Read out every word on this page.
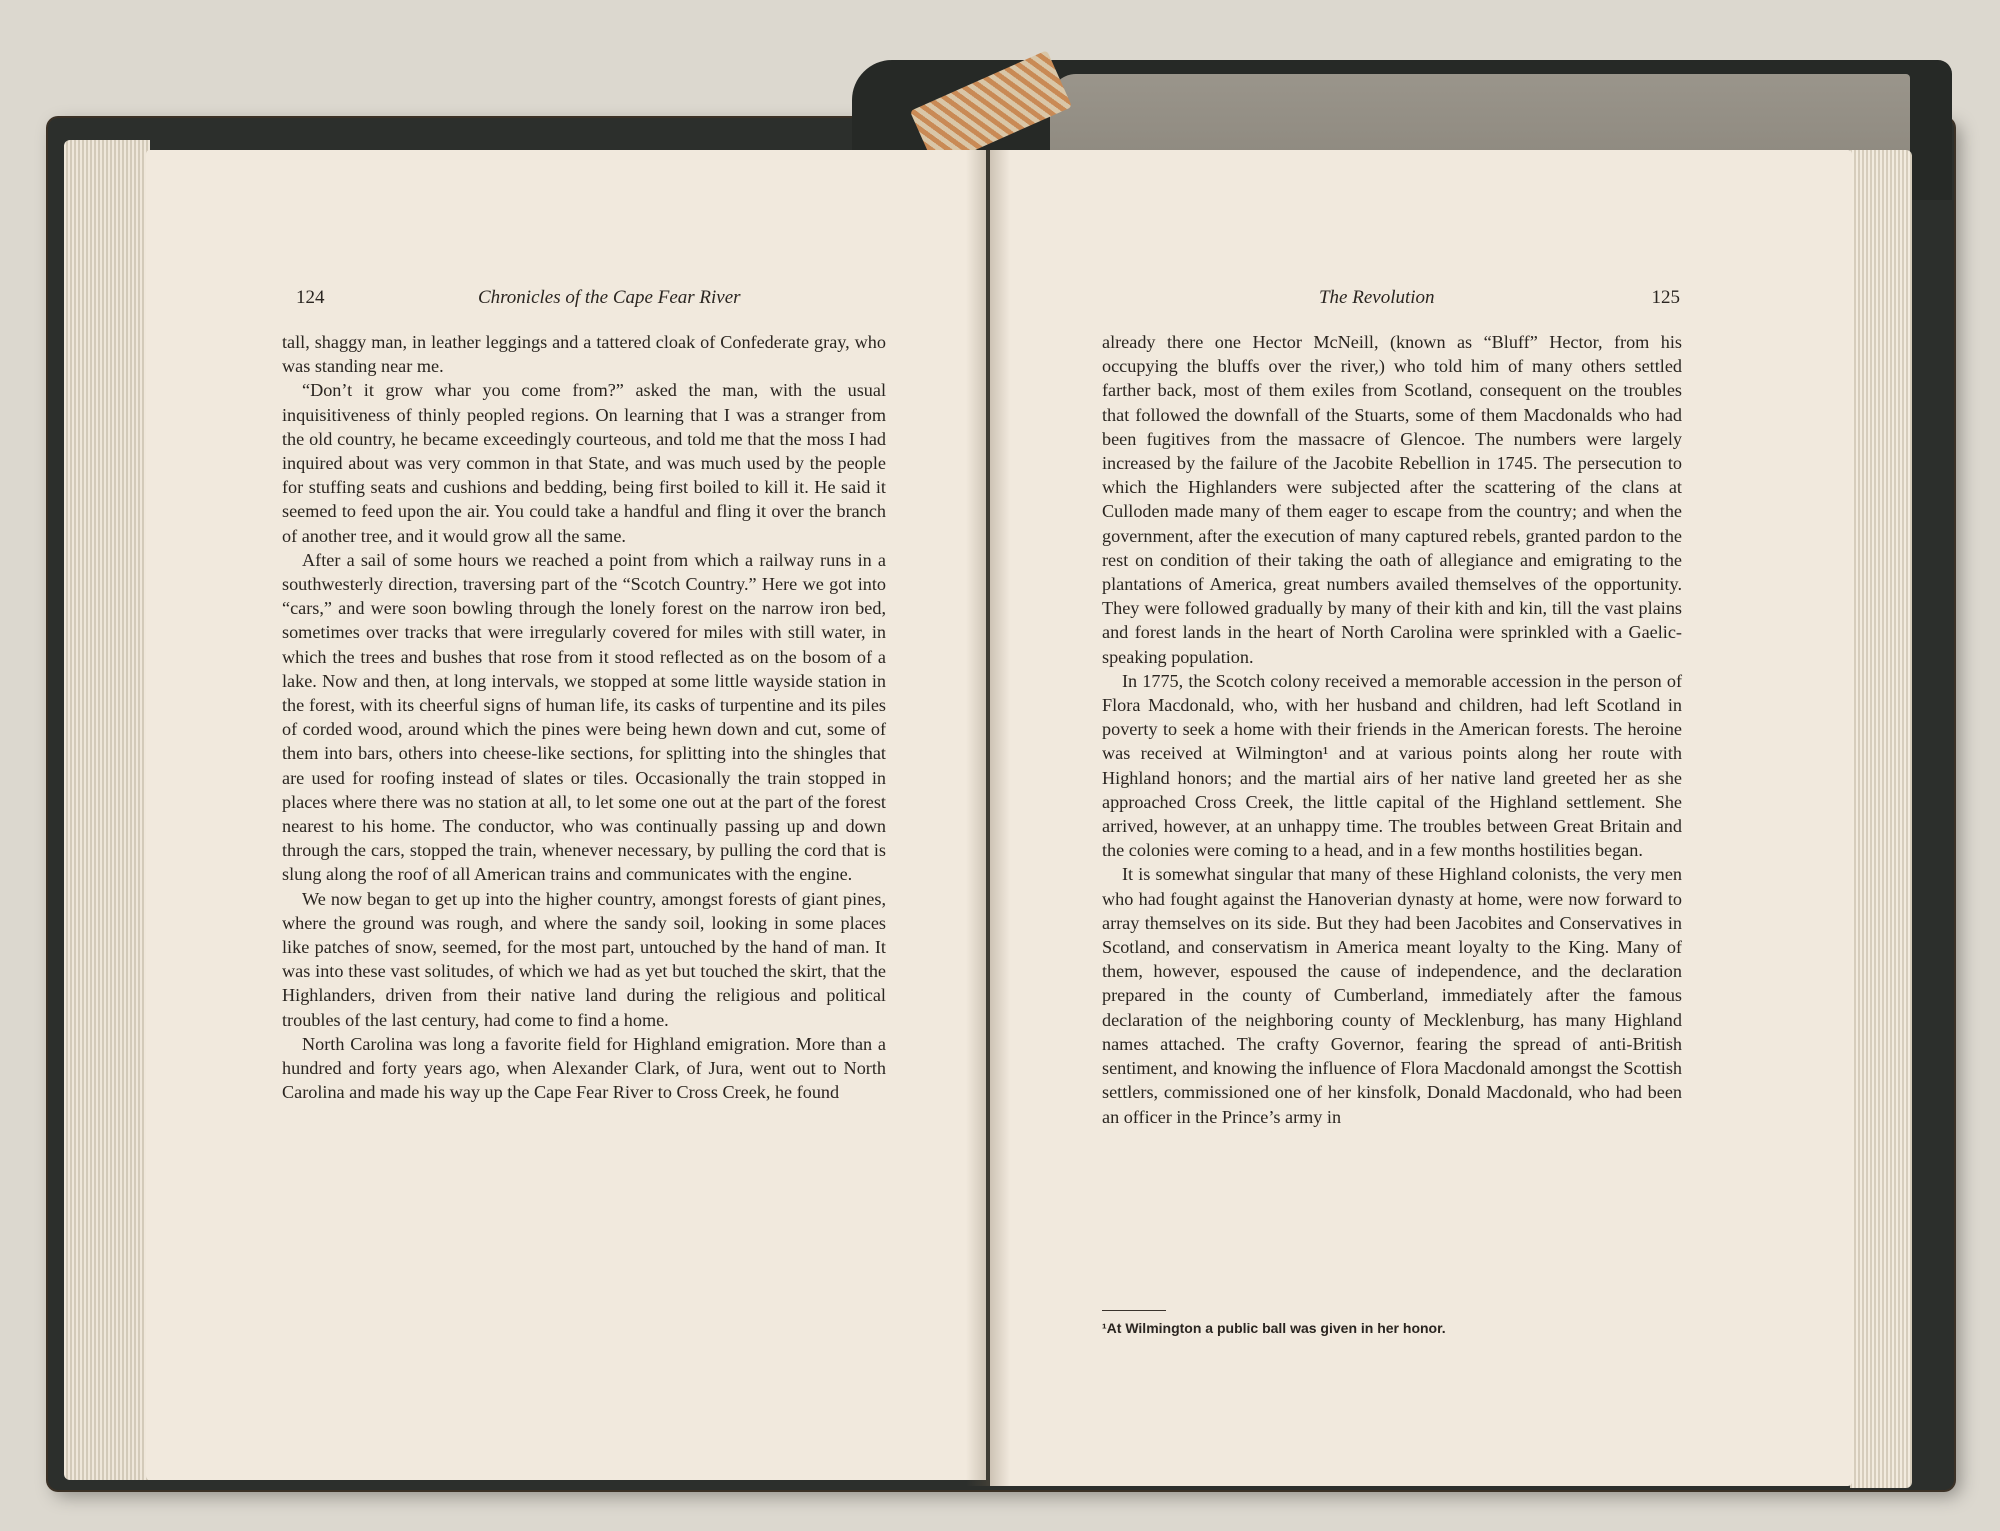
124	Chronicles of the Cape Fear River

tall, shaggy man, in leather leggings and a tattered cloak of Confederate gray, who was standing near me.

“Don’t it grow whar you come from?” asked the man, with the usual inquisitiveness of thinly peopled regions. On learning that I was a stranger from the old country, he became exceedingly courteous, and told me that the moss I had inquired about was very common in that State, and was much used by the people for stuffing seats and cushions and bedding, being first boiled to kill it. He said it seemed to feed upon the air. You could take a handful and fling it over the branch of another tree, and it would grow all the same.

After a sail of some hours we reached a point from which a railway runs in a southwesterly direction, traversing part of the “Scotch Country.” Here we got into “cars,” and were soon bowling through the lonely forest on the narrow iron bed, sometimes over tracks that were irregularly covered for miles with still water, in which the trees and bushes that rose from it stood reflected as on the bosom of a lake. Now and then, at long intervals, we stopped at some little wayside station in the forest, with its cheerful signs of human life, its casks of turpentine and its piles of corded wood, around which the pines were being hewn down and cut, some of them into bars, others into cheese-like sections, for splitting into the shingles that are used for roofing instead of slates or tiles. Occasionally the train stopped in places where there was no station at all, to let some one out at the part of the forest nearest to his home. The conductor, who was continually passing up and down through the cars, stopped the train, whenever necessary, by pulling the cord that is slung along the roof of all American trains and communicates with the engine.

We now began to get up into the higher country, amongst forests of giant pines, where the ground was rough, and where the sandy soil, looking in some places like patches of snow, seemed, for the most part, untouched by the hand of man. It was into these vast solitudes, of which we had as yet but touched the skirt, that the Highlanders, driven from their native land during the religious and political troubles of the last century, had come to find a home.

North Carolina was long a favorite field for Highland emigration. More than a hundred and forty years ago, when Alexander Clark, of Jura, went out to North Carolina and made his way up the Cape Fear River to Cross Creek, he found

The Revolution	125

already there one Hector McNeill, (known as “Bluff” Hector, from his occupying the bluffs over the river,) who told him of many others settled farther back, most of them exiles from Scotland, consequent on the troubles that followed the downfall of the Stuarts, some of them Macdonalds who had been fugitives from the massacre of Glencoe. The numbers were largely increased by the failure of the Jacobite Rebellion in 1745. The persecution to which the Highlanders were subjected after the scattering of the clans at Culloden made many of them eager to escape from the country; and when the government, after the execution of many captured rebels, granted pardon to the rest on condition of their taking the oath of allegiance and emigrating to the plantations of America, great numbers availed themselves of the opportunity. They were followed gradually by many of their kith and kin, till the vast plains and forest lands in the heart of North Carolina were sprinkled with a Gaelic-speaking population.

In 1775, the Scotch colony received a memorable accession in the person of Flora Macdonald, who, with her husband and children, had left Scotland in poverty to seek a home with their friends in the American forests. The heroine was received at Wilmington¹ and at various points along her route with Highland honors; and the martial airs of her native land greeted her as she approached Cross Creek, the little capital of the Highland settlement. She arrived, however, at an unhappy time. The troubles between Great Britain and the colonies were coming to a head, and in a few months hostilities began.

It is somewhat singular that many of these Highland colonists, the very men who had fought against the Hanoverian dynasty at home, were now forward to array themselves on its side. But they had been Jacobites and Conservatives in Scotland, and conservatism in America meant loyalty to the King. Many of them, however, espoused the cause of independence, and the declaration prepared in the county of Cumberland, immediately after the famous declaration of the neighboring county of Mecklenburg, has many Highland names attached. The crafty Governor, fearing the spread of anti-British sentiment, and knowing the influence of Flora Macdonald amongst the Scottish settlers, commissioned one of her kinsfolk, Donald Macdonald, who had been an officer in the Prince’s army in

¹At Wilmington a public ball was given in her honor.
